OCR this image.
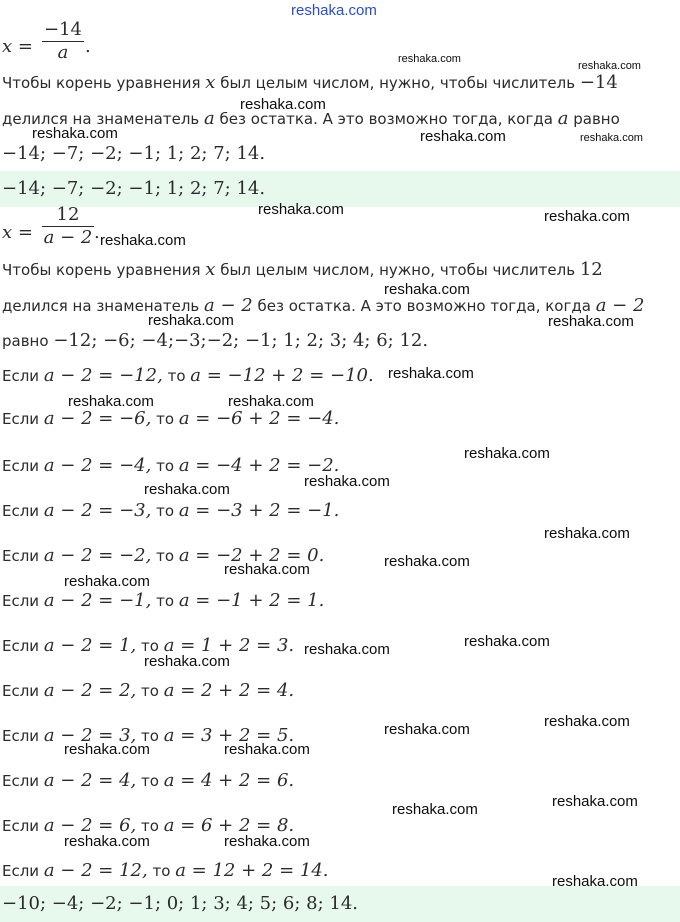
reshaka.com
x =
−14
a .
Чтобы корень уравнения x был целым числом, нужно, чтобы числитель −14
делился на знаменатель a без остатка. А это возможно тогда, когда a равно
−14; −7; −2; −1; 1; 2; 7; 14.
−14; −7; −2; −1; 1; 2; 7; 14.
x =
12
a − 2 .
Чтобы корень уравнения x был целым числом, нужно, чтобы числитель 12
делился на знаменатель a − 2 без остатка. А это возможно тогда, когда a − 2
равно −12; −6; −4;−3;−2; −1; 1; 2; 3; 4; 6; 12.
Если a − 2 = −12, то a = −12 + 2 = −10.
Если a − 2 = −6, то a = −6 + 2 = −4.
Если a − 2 = −4, то a = −4 + 2 = −2.
Если a − 2 = −3, то a = −3 + 2 = −1.
Если a − 2 = −2, то a = −2 + 2 = 0.
Если a − 2 = −1, то a = −1 + 2 = 1.
Если a − 2 = 1, то a = 1 + 2 = 3.
Если a − 2 = 2, то a = 2 + 2 = 4.
Если a − 2 = 3, то a = 3 + 2 = 5.
Если a − 2 = 4, то a = 4 + 2 = 6.
Если a − 2 = 6, то a = 6 + 2 = 8.
Если a − 2 = 12, то a = 12 + 2 = 14.
−10; −4; −2; −1; 0; 1; 3; 4; 5; 6; 8; 14.
reshaka.com
reshaka.com
reshaka.com
reshaka.com	reshaka.com	reshaka.com
reshaka.com	reshaka.com
reshaka.com
reshaka.com
reshaka.com	reshaka.com
reshaka.com
reshaka.com	reshaka.com
reshaka.com
reshaka.com	reshaka.com
reshaka.com
reshaka.com
reshaka.com
reshaka.com
reshaka.com
reshaka.com
reshaka.com
reshaka.com
reshaka.com
reshaka.com	reshaka.com
reshaka.com
reshaka.com
reshaka.com	reshaka.com
reshaka.com
